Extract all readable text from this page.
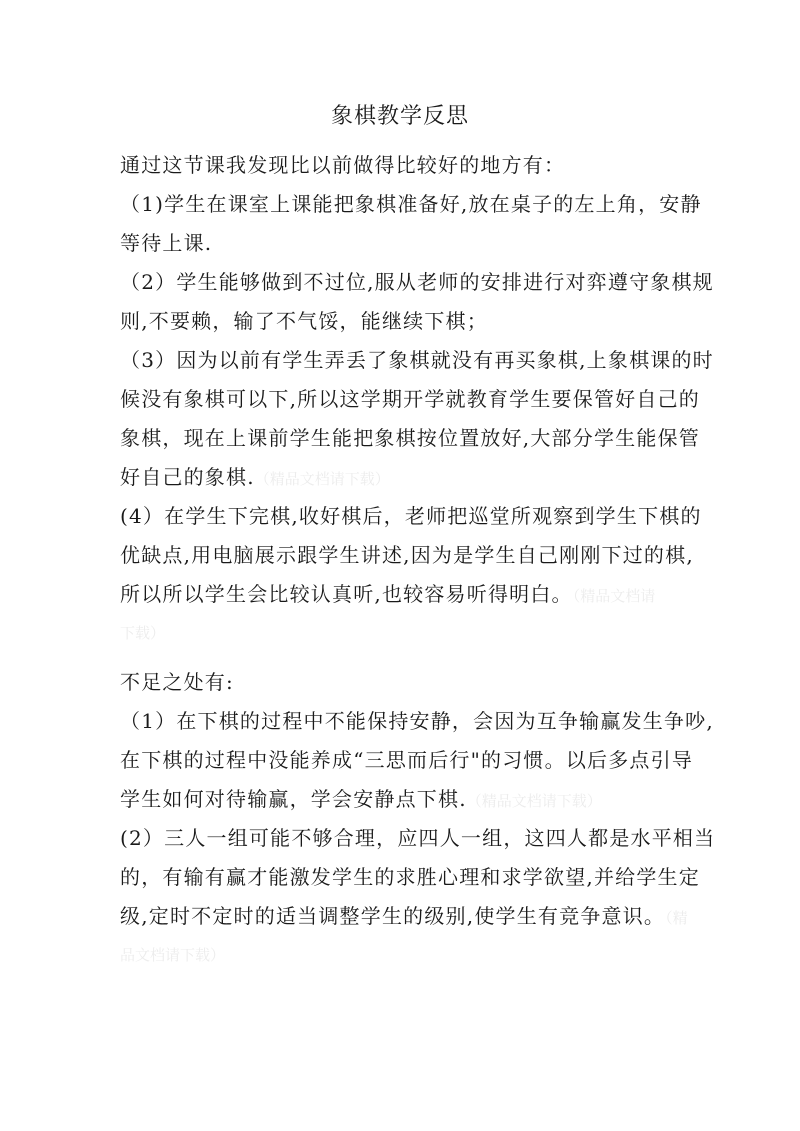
象棋教学反思
通过这节课我发现比以前做得比较好的地方有：
（1)学生在课室上课能把象棋准备好,放在桌子的左上角，安静
等待上课.
（2）学生能够做到不过位,服从老师的安排进行对弈遵守象棋规
则,不要赖，输了不气馁，能继续下棋；
（3）因为以前有学生弄丢了象棋就没有再买象棋,上象棋课的时
候没有象棋可以下,所以这学期开学就教育学生要保管好自己的
象棋，现在上课前学生能把象棋按位置放好,大部分学生能保管
好自己的象棋.（精品文档请下载）
(4）在学生下完棋,收好棋后，老师把巡堂所观察到学生下棋的
优缺点,用电脑展示跟学生讲述,因为是学生自己刚刚下过的棋,
所以所以学生会比较认真听,也较容易听得明白。（精品文档请
下载）
不足之处有:
（1）在下棋的过程中不能保持安静，会因为互争输赢发生争吵,
在下棋的过程中没能养成“三思而后行"的习惯。以后多点引导
学生如何对待输赢，学会安静点下棋.（精品文档请下载）
(2）三人一组可能不够合理，应四人一组，这四人都是水平相当
的，有输有赢才能激发学生的求胜心理和求学欲望,并给学生定
级,定时不定时的适当调整学生的级别,使学生有竞争意识。（精
品文档请下载）
